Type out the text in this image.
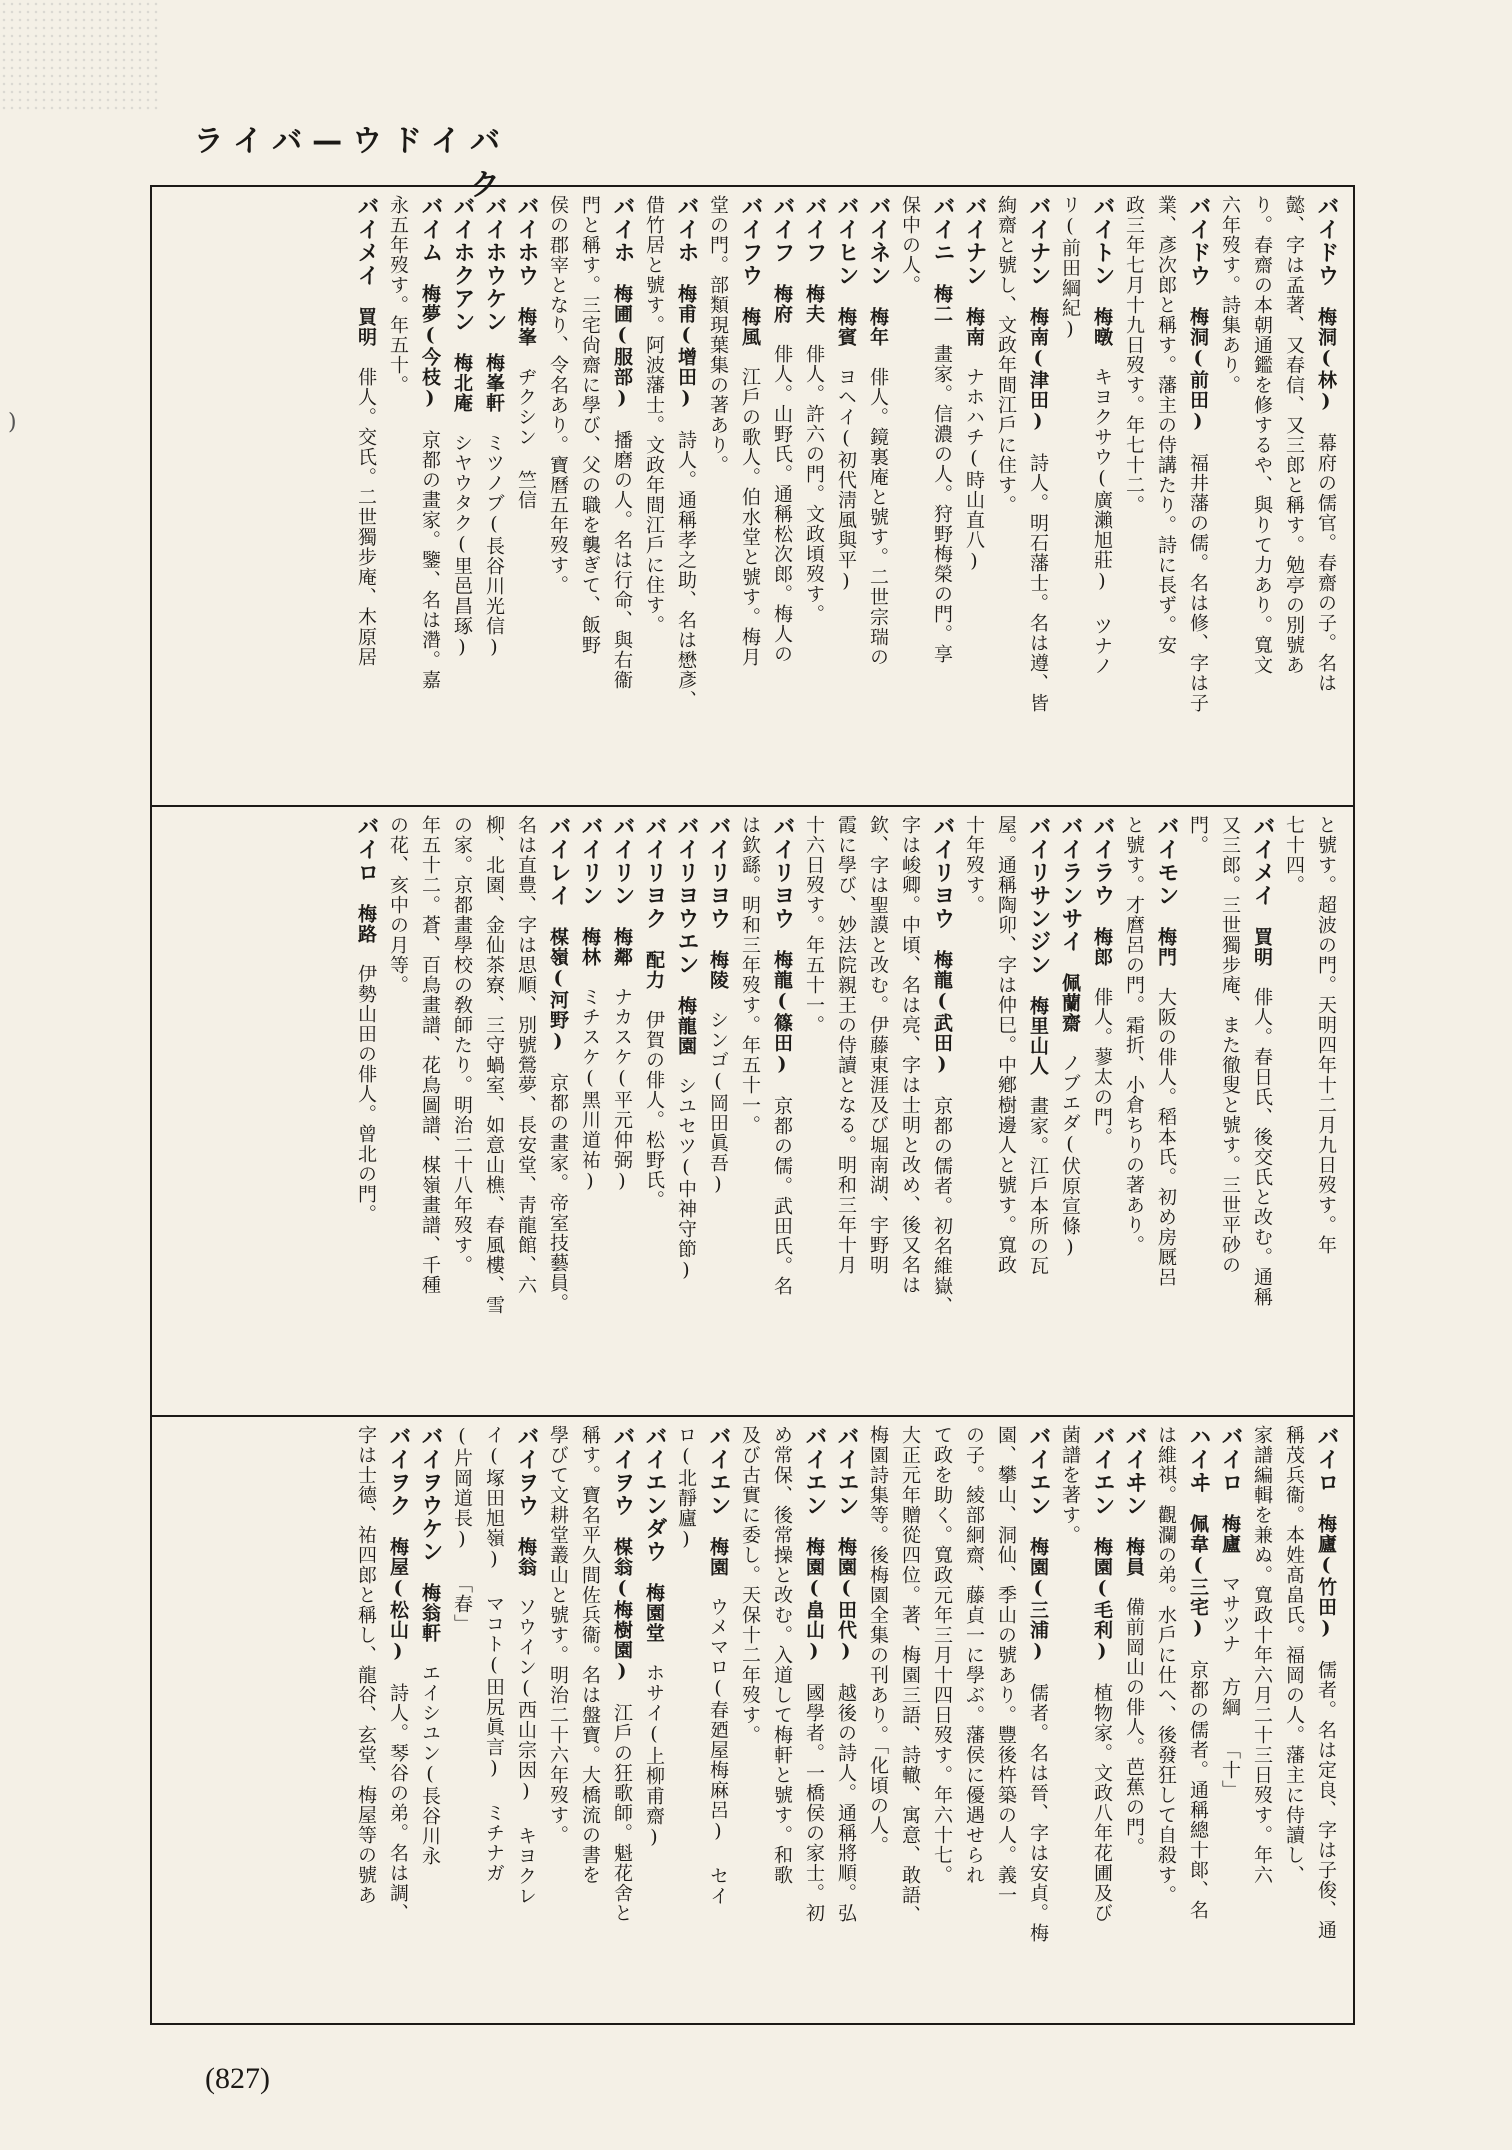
)
バイドウ—バイラク
バイドウ　梅洞(林)　幕府の儒官。春齋の子。名は
懿、字は孟著、又春信、又三郎と稱す。勉亭の別號あ
り。春齋の本朝通鑑を修するや、與りて力あり。寬文
六年歿す。詩集あり。
バイドウ　梅洞(前田)　福井藩の儒。名は修、字は子
業、彥次郎と稱す。藩主の侍講たり。詩に長ず。安
政三年七月十九日歿す。年七十二。
バイトン　梅暾　キヨクサウ(廣瀨旭莊) ツナノ
リ(前田綱紀)
バイナン　梅南(津田)　詩人。明石藩士。名は遵、皆
絢齋と號し、文政年間江戶に住す。
バイナン　梅南　ナホハチ(時山直八)
バイニ　梅二　畫家。信濃の人。狩野梅榮の門。享
保中の人。
バイネン　梅年　俳人。鏡裏庵と號す。二世宗瑞の
バイヒン　梅賓　ヨヘイ(初代淸風與平)
バイフ　梅夫　俳人。許六の門。文政頃歿す。
バイフ　梅府　俳人。山野氏。通稱松次郎。梅人の
バイフウ　梅風　江戶の歌人。伯水堂と號す。梅月
堂の門。部類現葉集の著あり。
バイホ　梅甫(增田)　詩人。通稱孝之助、名は懋彥、
借竹居と號す。阿波藩士。文政年間江戶に住す。
バイホ　梅圃(服部)　播磨の人。名は行命、與右衞
門と稱す。三宅尙齋に學び、父の職を襲ぎて、飯野
侯の郡宰となり、令名あり。寶曆五年歿す。
バイホウ　梅峯　ヂクシン 竺信
バイホウケン　梅峯軒　ミツノブ(長谷川光信)
バイホクアン　梅北庵　シヤウタク(里邑昌琢)
バイム　梅夢(今枝)　京都の畫家。鑒、名は濳。嘉
永五年歿す。年五十。
バイメイ　買明　俳人。交氏。二世獨步庵、木原居
と號す。超波の門。天明四年十二月九日歿す。年
七十四。
バイメイ　買明　俳人。春日氏、後交氏と改む。通稱
又三郎。三世獨步庵、また徹叟と號す。三世平砂の
門。
バイモン　梅門　大阪の俳人。稻本氏。初め房厩呂
と號す。才麿呂の門。霜折、小倉ちりの著あり。
バイラウ　梅郎　俳人。蓼太の門。
バイランサイ　佩蘭齋　ノブエダ(伏原宣條)
バイリサンジン　梅里山人　畫家。江戶本所の瓦
屋。通稱陶卯、字は仲巳。中鄕樹邊人と號す。寬政
十年歿す。
バイリヨウ　梅龍(武田)　京都の儒者。初名維嶽、
字は峻卿。中頃、名は亮、字は士明と改め、後又名は
欽、字は聖謨と改む。伊藤東涯及び堀南湖、宇野明
霞に學び、妙法院親王の侍讀となる。明和三年十月
十六日歿す。年五十一。
バイリヨウ　梅龍(篠田)　京都の儒。武田氏。名
は欽繇。明和三年歿す。年五十一。
バイリヨウ　梅陵　シンゴ(岡田眞吾)
バイリヨウエン　梅龍園　シユセツ(中神守節)
バイリヨク　配力　伊賀の俳人。松野氏。
バイリン　梅鄰　ナカスケ(平元仲弼)
バイリン　梅林　ミチスケ(黑川道祐)
バイレイ　楳嶺(河野)　京都の畫家。帝室技藝員。
名は直豊、字は思順、別號鶯夢、長安堂、靑龍館、六
柳、北園、金仙茶寮、三守蝸室、如意山樵、春風樓、雪
の家。京都畫學校の敎師たり。明治二十八年歿す。
年五十二。蒼、百鳥畫譜、花鳥圖譜、楳嶺畫譜、千種
の花、亥中の月等。
バイロ　梅路　伊勢山田の俳人。曾北の門。
バイロ　梅廬(竹田)　儒者。名は定良、字は子俊、通
稱茂兵衞。本姓髙畠氏。福岡の人。藩主に侍讀し、
家譜編輯を兼ぬ。寬政十年六月二十三日歿す。年六
バイロ　梅廬　マサツナ 方綱 「十」
ハイヰ　佩韋(三宅)　京都の儒者。通稱總十郞、名
は維祺。觀瀾の弟。水戶に仕へ、後發狂して自殺す。
バイヰン　梅員　備前岡山の俳人。芭蕉の門。
バイエン　梅園(毛利)　植物家。文政八年花圃及び
菌譜を著す。
バイエン　梅園(三浦)　儒者。名は晉、字は安貞。梅
園、攀山、洞仙、季山の號あり。豐後杵築の人。義一
の子。綾部絅齋、藤貞一に學ぶ。藩侯に優遇せられ
て政を助く。寬政元年三月十四日歿す。年六十七。
大正元年贈從四位。著、梅園三語、詩轍、寓意、敢語、
梅園詩集等。後梅園全集の刊あり。「化頃の人。
バイエン　梅園(田代)　越後の詩人。通稱將順。弘
バイエン　梅園(畠山)　國學者。一橋侯の家士。初
め常保、後常操と改む。入道して梅軒と號す。和歌
及び古實に委し。天保十二年歿す。
バイエン　梅園　ウメマロ(春廼屋梅麻呂) セイ
ロ(北靜廬)
バイエンダウ　梅園堂　ホサイ(上柳甫齋)
バイヲウ　楳翁(梅樹園)　江戶の狂歌師。魁花舍と
稱す。寶名平久間佐兵衞。名は盤寶。大橋流の書を
學びて文耕堂叢山と號す。明治二十六年歿す。
バイヲウ　梅翁　ソウイン(西山宗因) キヨクレ
イ(塚田旭嶺) マコト(田尻眞言) ミチナガ
(片岡道長) 「春」
バイヲウケン　梅翁軒　エイシユン(長谷川永
バイヲク　梅屋(松山)　詩人。琴谷の弟。名は調、
字は士德、祐四郎と稱し、龍谷、玄堂、梅屋等の號あ
(827)
